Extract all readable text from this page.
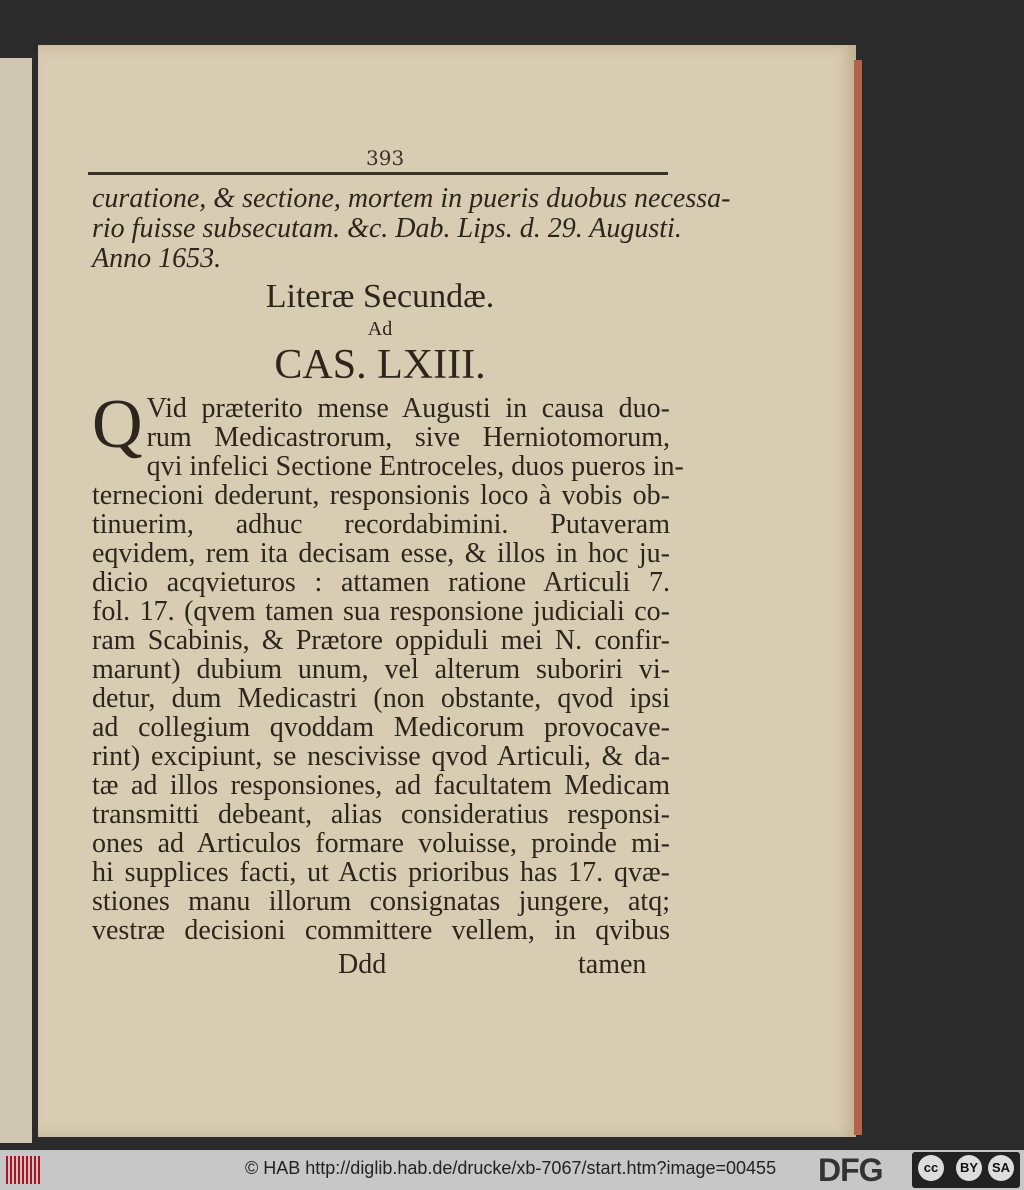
393
curatione, & sectione, mortem in pueris duobus necessa-
rio fuisse subsecutam. &c. Dab. Lips. d. 29. Augusti.
Anno 1653.
Literæ Secundæ.
Ad
CAS. LXIII.
Q Vid præterito mense Augusti in causa duo-
rum Medicastrorum, sive Herniotomorum,
qvi infelici Sectione Entroceles, duos pueros in-
ternecioni dederunt, responsionis loco à vobis ob-
tinuerim, adhuc recordabimini. Putaveram
eqvidem, rem ita decisam esse, & illos in hoc ju-
dicio acqvieturos : attamen ratione Articuli 7.
fol. 17. (qvem tamen sua responsione judiciali co-
ram Scabinis, & Prætore oppiduli mei N. confir-
marunt) dubium unum, vel alterum suboriri vi-
detur, dum Medicastri (non obstante, qvod ipsi
ad collegium qvoddam Medicorum provocave-
rint) excipiunt, se nescivisse qvod Articuli, & da-
tæ ad illos responsiones, ad facultatem Medicam
transmitti debeant, alias consideratius responsi-
ones ad Articulos formare voluisse, proinde mi-
hi supplices facti, ut Actis prioribus has 17. qvæ-
stiones manu illorum consignatas jungere, atq;
vestræ decisioni committere vellem, in qvibus
Ddd	tamen
© HAB http://diglib.hab.de/drucke/xb-7067/start.htm?image=00455 DFG	cc	BY	SA
